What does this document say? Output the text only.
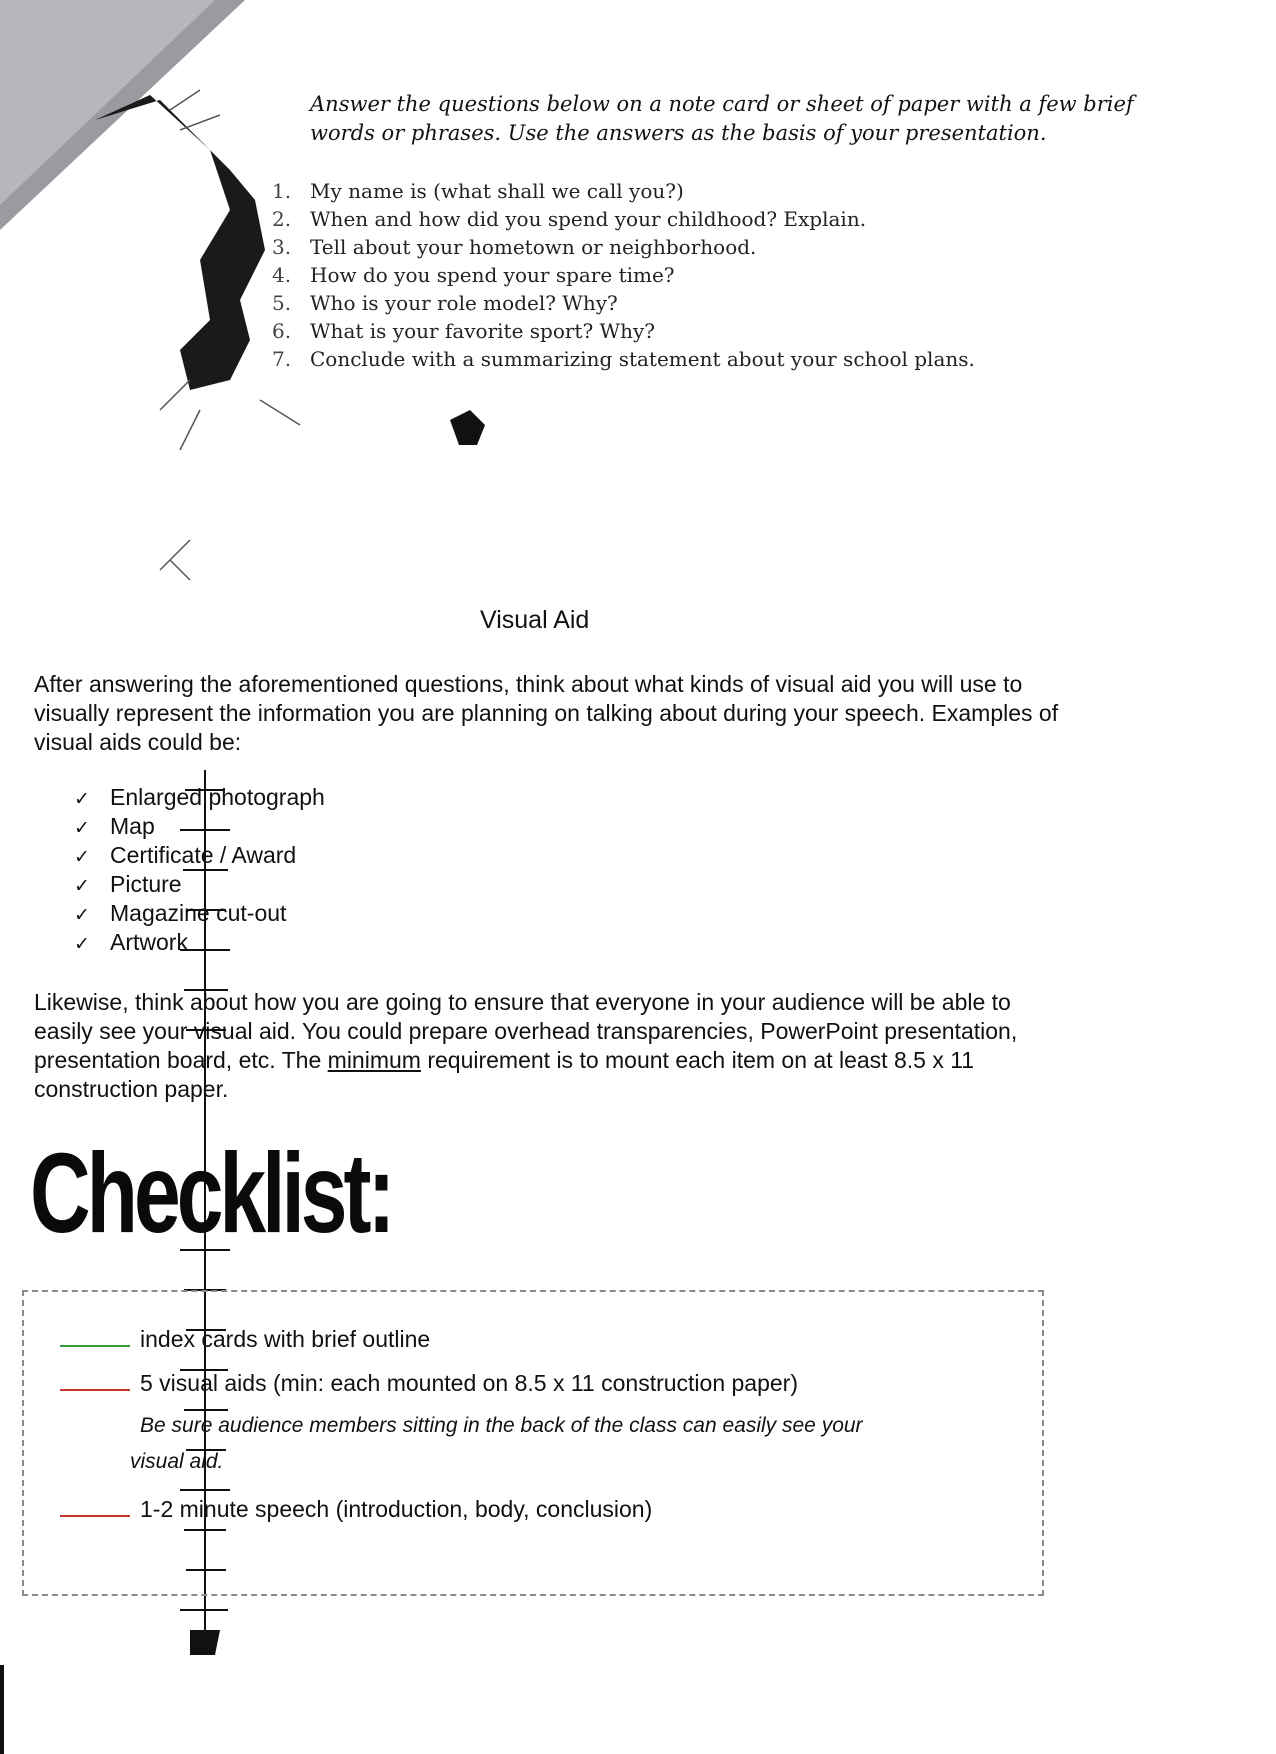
Answer the questions below on a note card or sheet of paper with a few brief words or phrases. Use the answers as the basis of your presentation.
1. My name is (what shall we call you?)
2. When and how did you spend your childhood? Explain.
3. Tell about your hometown or neighborhood.
4. How do you spend your spare time?
5. Who is your role model? Why?
6. What is your favorite sport? Why?
7. Conclude with a summarizing statement about your school plans.
Visual Aid
After answering the aforementioned questions, think about what kinds of visual aid you will use to visually represent the information you are planning on talking about during your speech. Examples of visual aids could be:
✓ Enlarged photograph
✓ Map
✓ Certificate / Award
✓ Picture
✓ Magazine cut-out
✓ Artwork
Likewise, think about how you are going to ensure that everyone in your audience will be able to easily see your visual aid. You could prepare overhead transparencies, PowerPoint presentation, presentation board, etc. The minimum requirement is to mount each item on at least 8.5 x 11 construction paper.
Checklist:
index cards with brief outline
5 visual aids (min: each mounted on 8.5 x 11 construction paper)
Be sure audience members sitting in the back of the class can easily see your
visual aid.
1-2 minute speech (introduction, body, conclusion)
